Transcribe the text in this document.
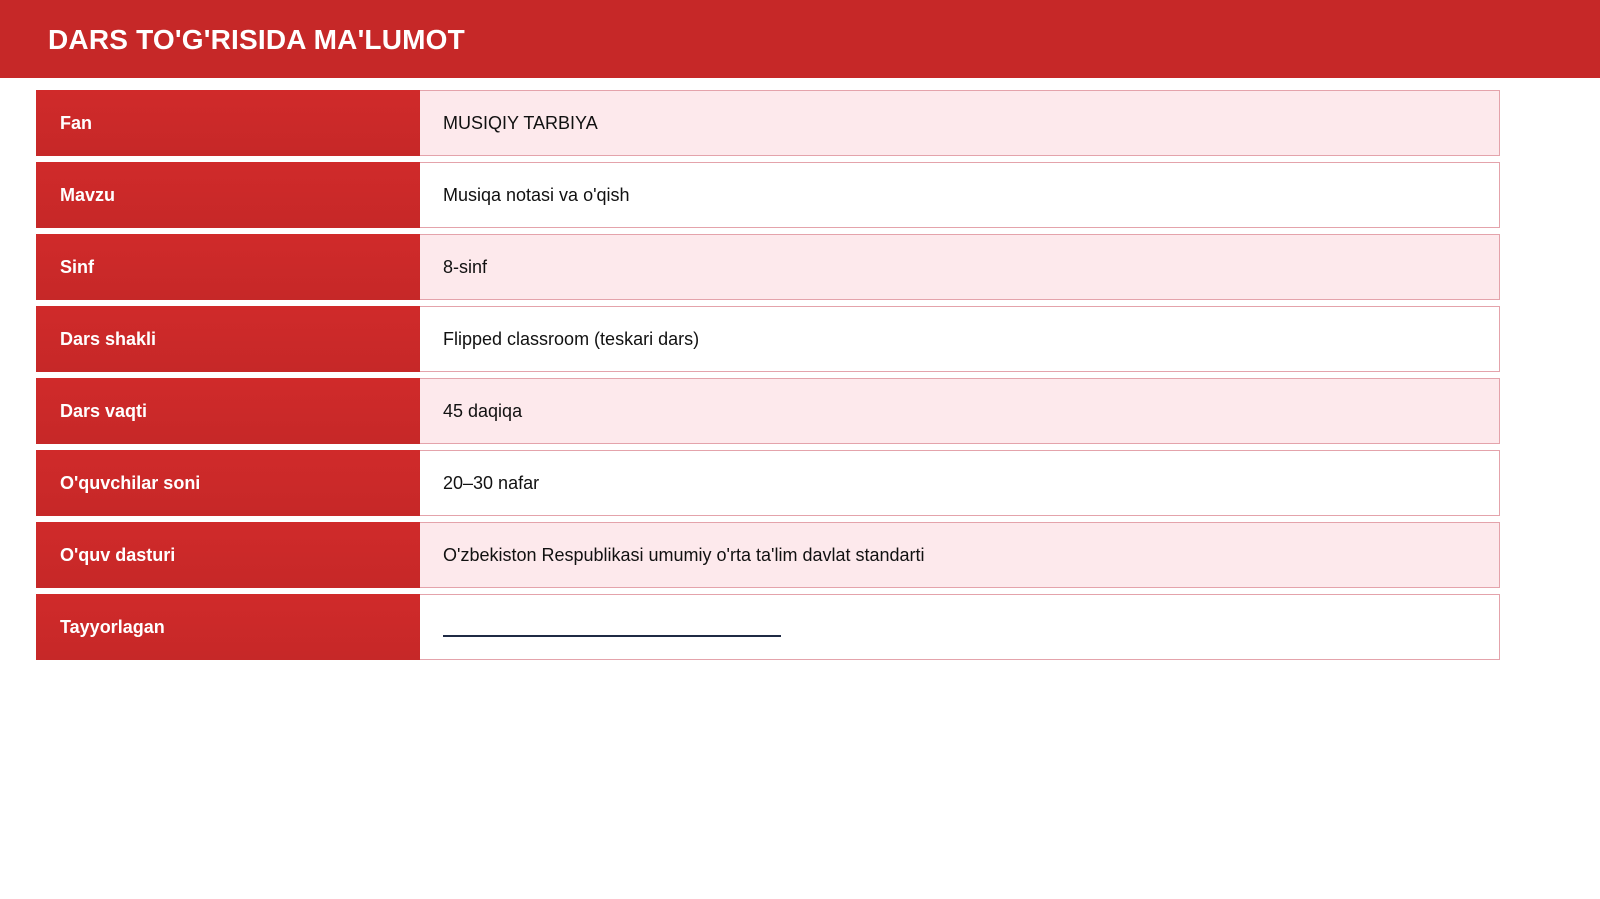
DARS TO'G'RISIDA MA'LUMOT
Fan	MUSIQIY TARBIYA
Mavzu	Musiqa notasi va o'qish
Sinf	8-sinf
Dars shakli	Flipped classroom (teskari dars)
Dars vaqti	45 daqiqa
O'quvchilar soni	20–30 nafar
O'quv dasturi	O'zbekiston Respublikasi umumiy o'rta ta'lim davlat standarti
Tayyorlagan
